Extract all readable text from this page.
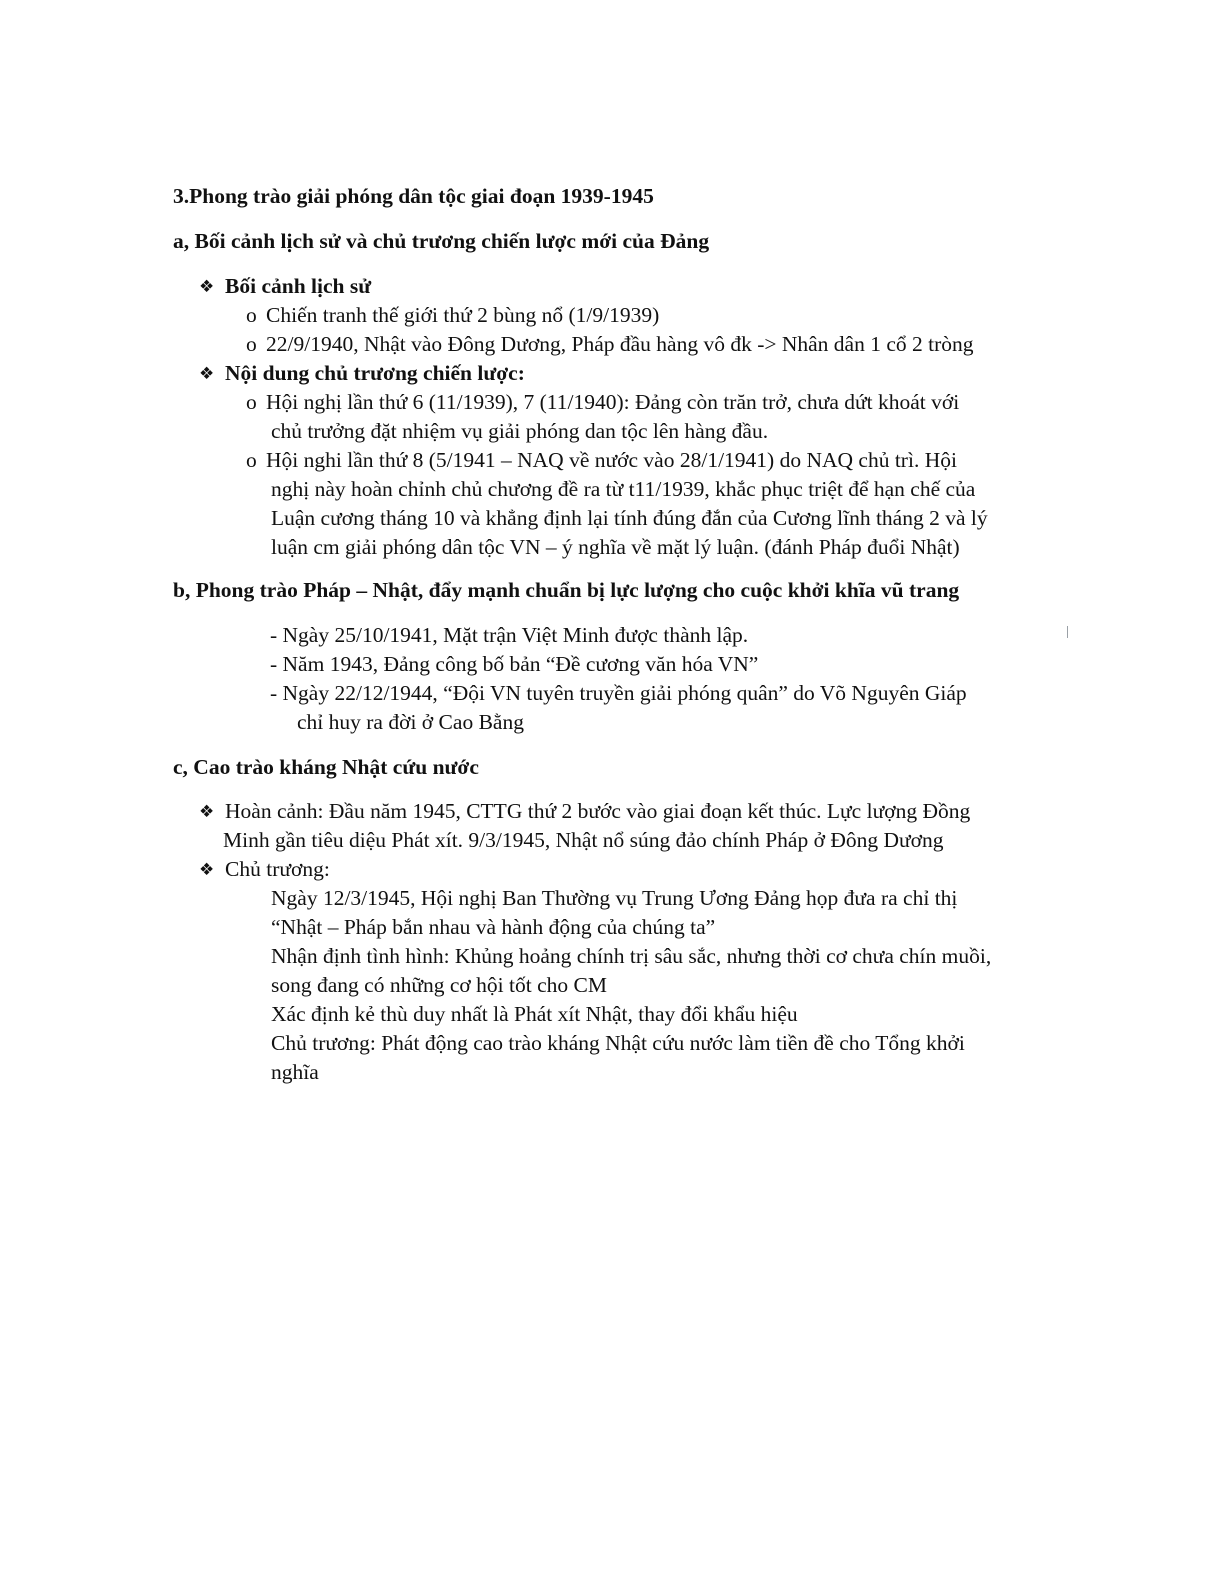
3.Phong trào giải phóng dân tộc giai đoạn 1939-1945
a, Bối cảnh lịch sử và chủ trương chiến lược mới của Đảng
❖ Bối cảnh lịch sử
o Chiến tranh thế giới thứ 2 bùng nổ (1/9/1939)
o 22/9/1940, Nhật vào Đông Dương, Pháp đầu hàng vô đk -> Nhân dân 1 cổ 2 tròng
❖ Nội dung chủ trương chiến lược:
o Hội nghị lần thứ 6 (11/1939), 7 (11/1940): Đảng còn trăn trở, chưa dứt khoát với
chủ trưởng đặt nhiệm vụ giải phóng dan tộc lên hàng đầu.
o Hội nghi lần thứ 8 (5/1941 – NAQ về nước vào 28/1/1941) do NAQ chủ trì. Hội
nghị này hoàn chỉnh chủ chương đề ra từ t11/1939, khắc phục triệt để hạn chế của
Luận cương tháng 10 và khẳng định lại tính đúng đắn của Cương lĩnh tháng 2 và lý
luận cm giải phóng dân tộc VN – ý nghĩa về mặt lý luận. (đánh Pháp đuổi Nhật)
b, Phong trào Pháp – Nhật, đẩy mạnh chuẩn bị lực lượng cho cuộc khởi khĩa vũ trang
- Ngày 25/10/1941, Mặt trận Việt Minh được thành lập.
- Năm 1943, Đảng công bố bản “Đề cương văn hóa VN”
- Ngày 22/12/1944, “Đội VN tuyên truyền giải phóng quân” do Võ Nguyên Giáp
chỉ huy ra đời ở Cao Bằng
c, Cao trào kháng Nhật cứu nước
❖ Hoàn cảnh: Đầu năm 1945, CTTG thứ 2 bước vào giai đoạn kết thúc. Lực lượng Đồng
Minh gần tiêu diệu Phát xít. 9/3/1945, Nhật nổ súng đảo chính Pháp ở Đông Dương
❖ Chủ trương:
Ngày 12/3/1945, Hội nghị Ban Thường vụ Trung Ương Đảng họp đưa ra chỉ thị
“Nhật – Pháp bắn nhau và hành động của chúng ta”
Nhận định tình hình: Khủng hoảng chính trị sâu sắc, nhưng thời cơ chưa chín muồi,
song đang có những cơ hội tốt cho CM
Xác định kẻ thù duy nhất là Phát xít Nhật, thay đổi khẩu hiệu
Chủ trương: Phát động cao trào kháng Nhật cứu nước làm tiền đề cho Tổng khởi
nghĩa
